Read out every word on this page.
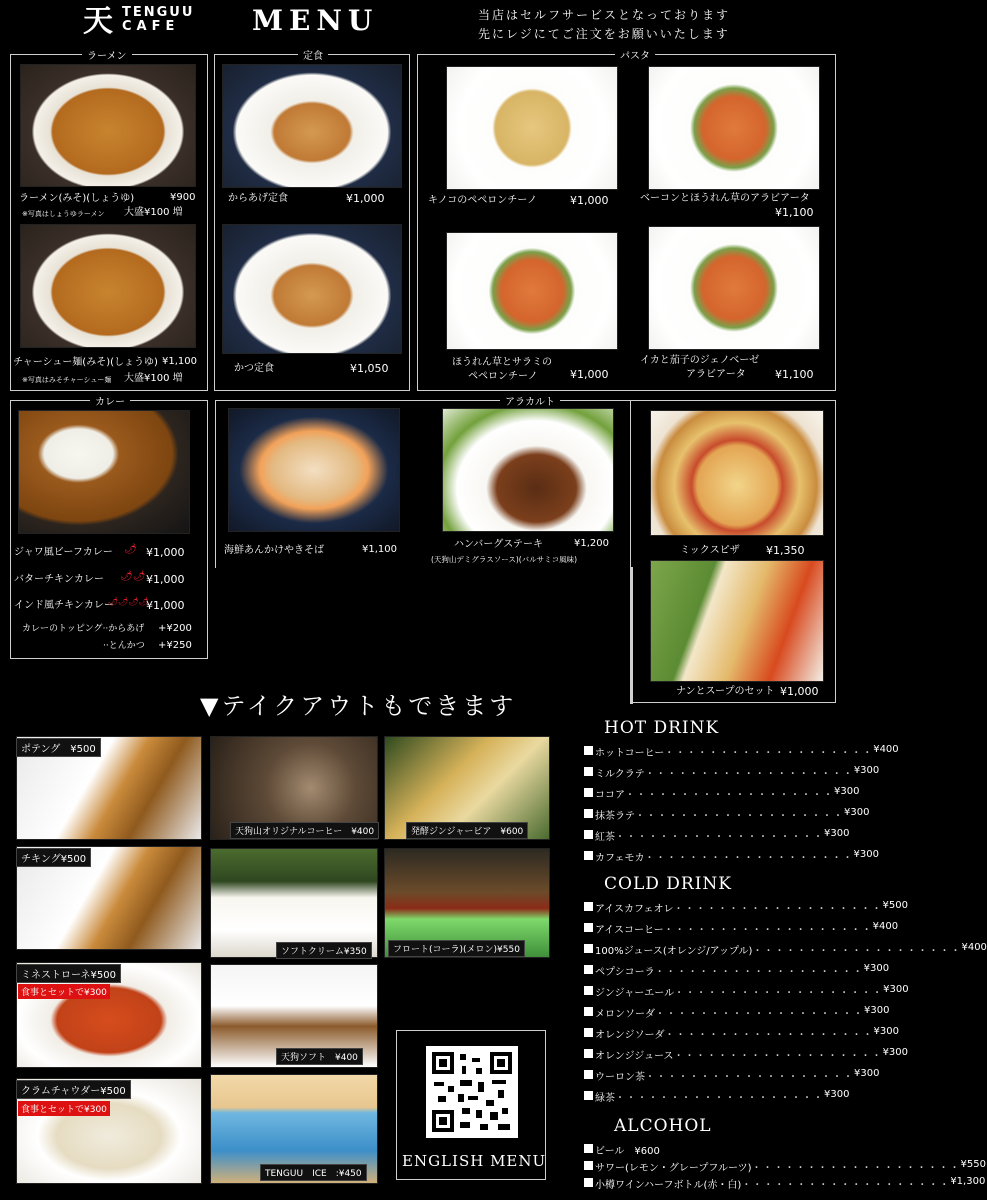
天 TENGUU
CAFE	MENU	当店はセルフサービスとなっております
先にレジにてご注文をお願いいたします
ラーメン
ラーメン(みそ)(しょうゆ)	¥900
※写真はしょうゆラーメン 大盛¥100 増
チャーシュー麺(みそ)(しょうゆ) ¥1,100
※写真はみそチャーシュー麺 大盛¥100 増
定食
からあげ定食	¥1,000
かつ定食	¥1,050
パスタ
キノコのペペロンチーノ	¥1,000	ベーコンとほうれん草のアラビアータ
¥1,100
ほうれん草とサラミの
ペペロンチーノ	¥1,000
イカと茄子のジェノベーゼ
アラビアータ	¥1,100
カレー
ジャワ風ビーフカレー 🌶 ¥1,000
バターチキンカレー 🌶🌶 ¥1,000
インド風チキンカレー
🌶🌶🌶🌶
¥1,000
カレーのトッピング··からあげ +¥200
··とんかつ +¥250
アラカルト
海鮮あんかけやきそば	¥1,100	ハンバーグステーキ	¥1,200
(天狗山デミグラスソース)(バルサミコ風味)
ミックスピザ ¥1,350
ナンとスープのセット ¥1,000
▼テイクアウトもできます
ポテング　¥500
チキング¥500
ミネストローネ¥500
食事とセットで¥300
クラムチャウダー¥500
食事とセットで¥300
天狗山オリジナルコーヒー　¥400
ソフトクリーム¥350
天狗ソフト　¥400
TENGUU　ICE　:¥450
発酵ジンジャービア　¥600
フロート(コーラ)(メロン)¥550
ENGLISH MENU
HOT DRINK
ホットコーヒー ・・・・・・・・・・・・・・・・・・・ ¥400
ミルクラテ ・・・・・・・・・・・・・・・・・・・ ¥300
ココア ・・・・・・・・・・・・・・・・・・・ ¥300
抹茶ラテ ・・・・・・・・・・・・・・・・・・・ ¥300
紅茶 ・・・・・・・・・・・・・・・・・・・ ¥300
カフェモカ ・・・・・・・・・・・・・・・・・・・ ¥300
COLD DRINK
アイスカフェオレ ・・・・・・・・・・・・・・・・・・・ ¥500
アイスコーヒー ・・・・・・・・・・・・・・・・・・・ ¥400
100%ジュース(オレンジ/アップル) ・・・・・・・・・・・・・・・・・・・ ¥400
ペプシコーラ ・・・・・・・・・・・・・・・・・・・ ¥300
ジンジャーエール ・・・・・・・・・・・・・・・・・・・ ¥300
メロンソーダ ・・・・・・・・・・・・・・・・・・・ ¥300
オレンジソーダ ・・・・・・・・・・・・・・・・・・・ ¥300
オレンジジュース ・・・・・・・・・・・・・・・・・・・ ¥300
ウーロン茶 ・・・・・・・・・・・・・・・・・・・ ¥300
緑茶 ・・・・・・・・・・・・・・・・・・・ ¥300
ALCOHOL
ビール　¥600
サワー(レモン・グレープフルーツ) ・・・・・・・・・・・・・・・・・・・ ¥550
小樽ワインハーフボトル(赤・白) ・・・・・・・・・・・・・・・・・・・ ¥1,300
